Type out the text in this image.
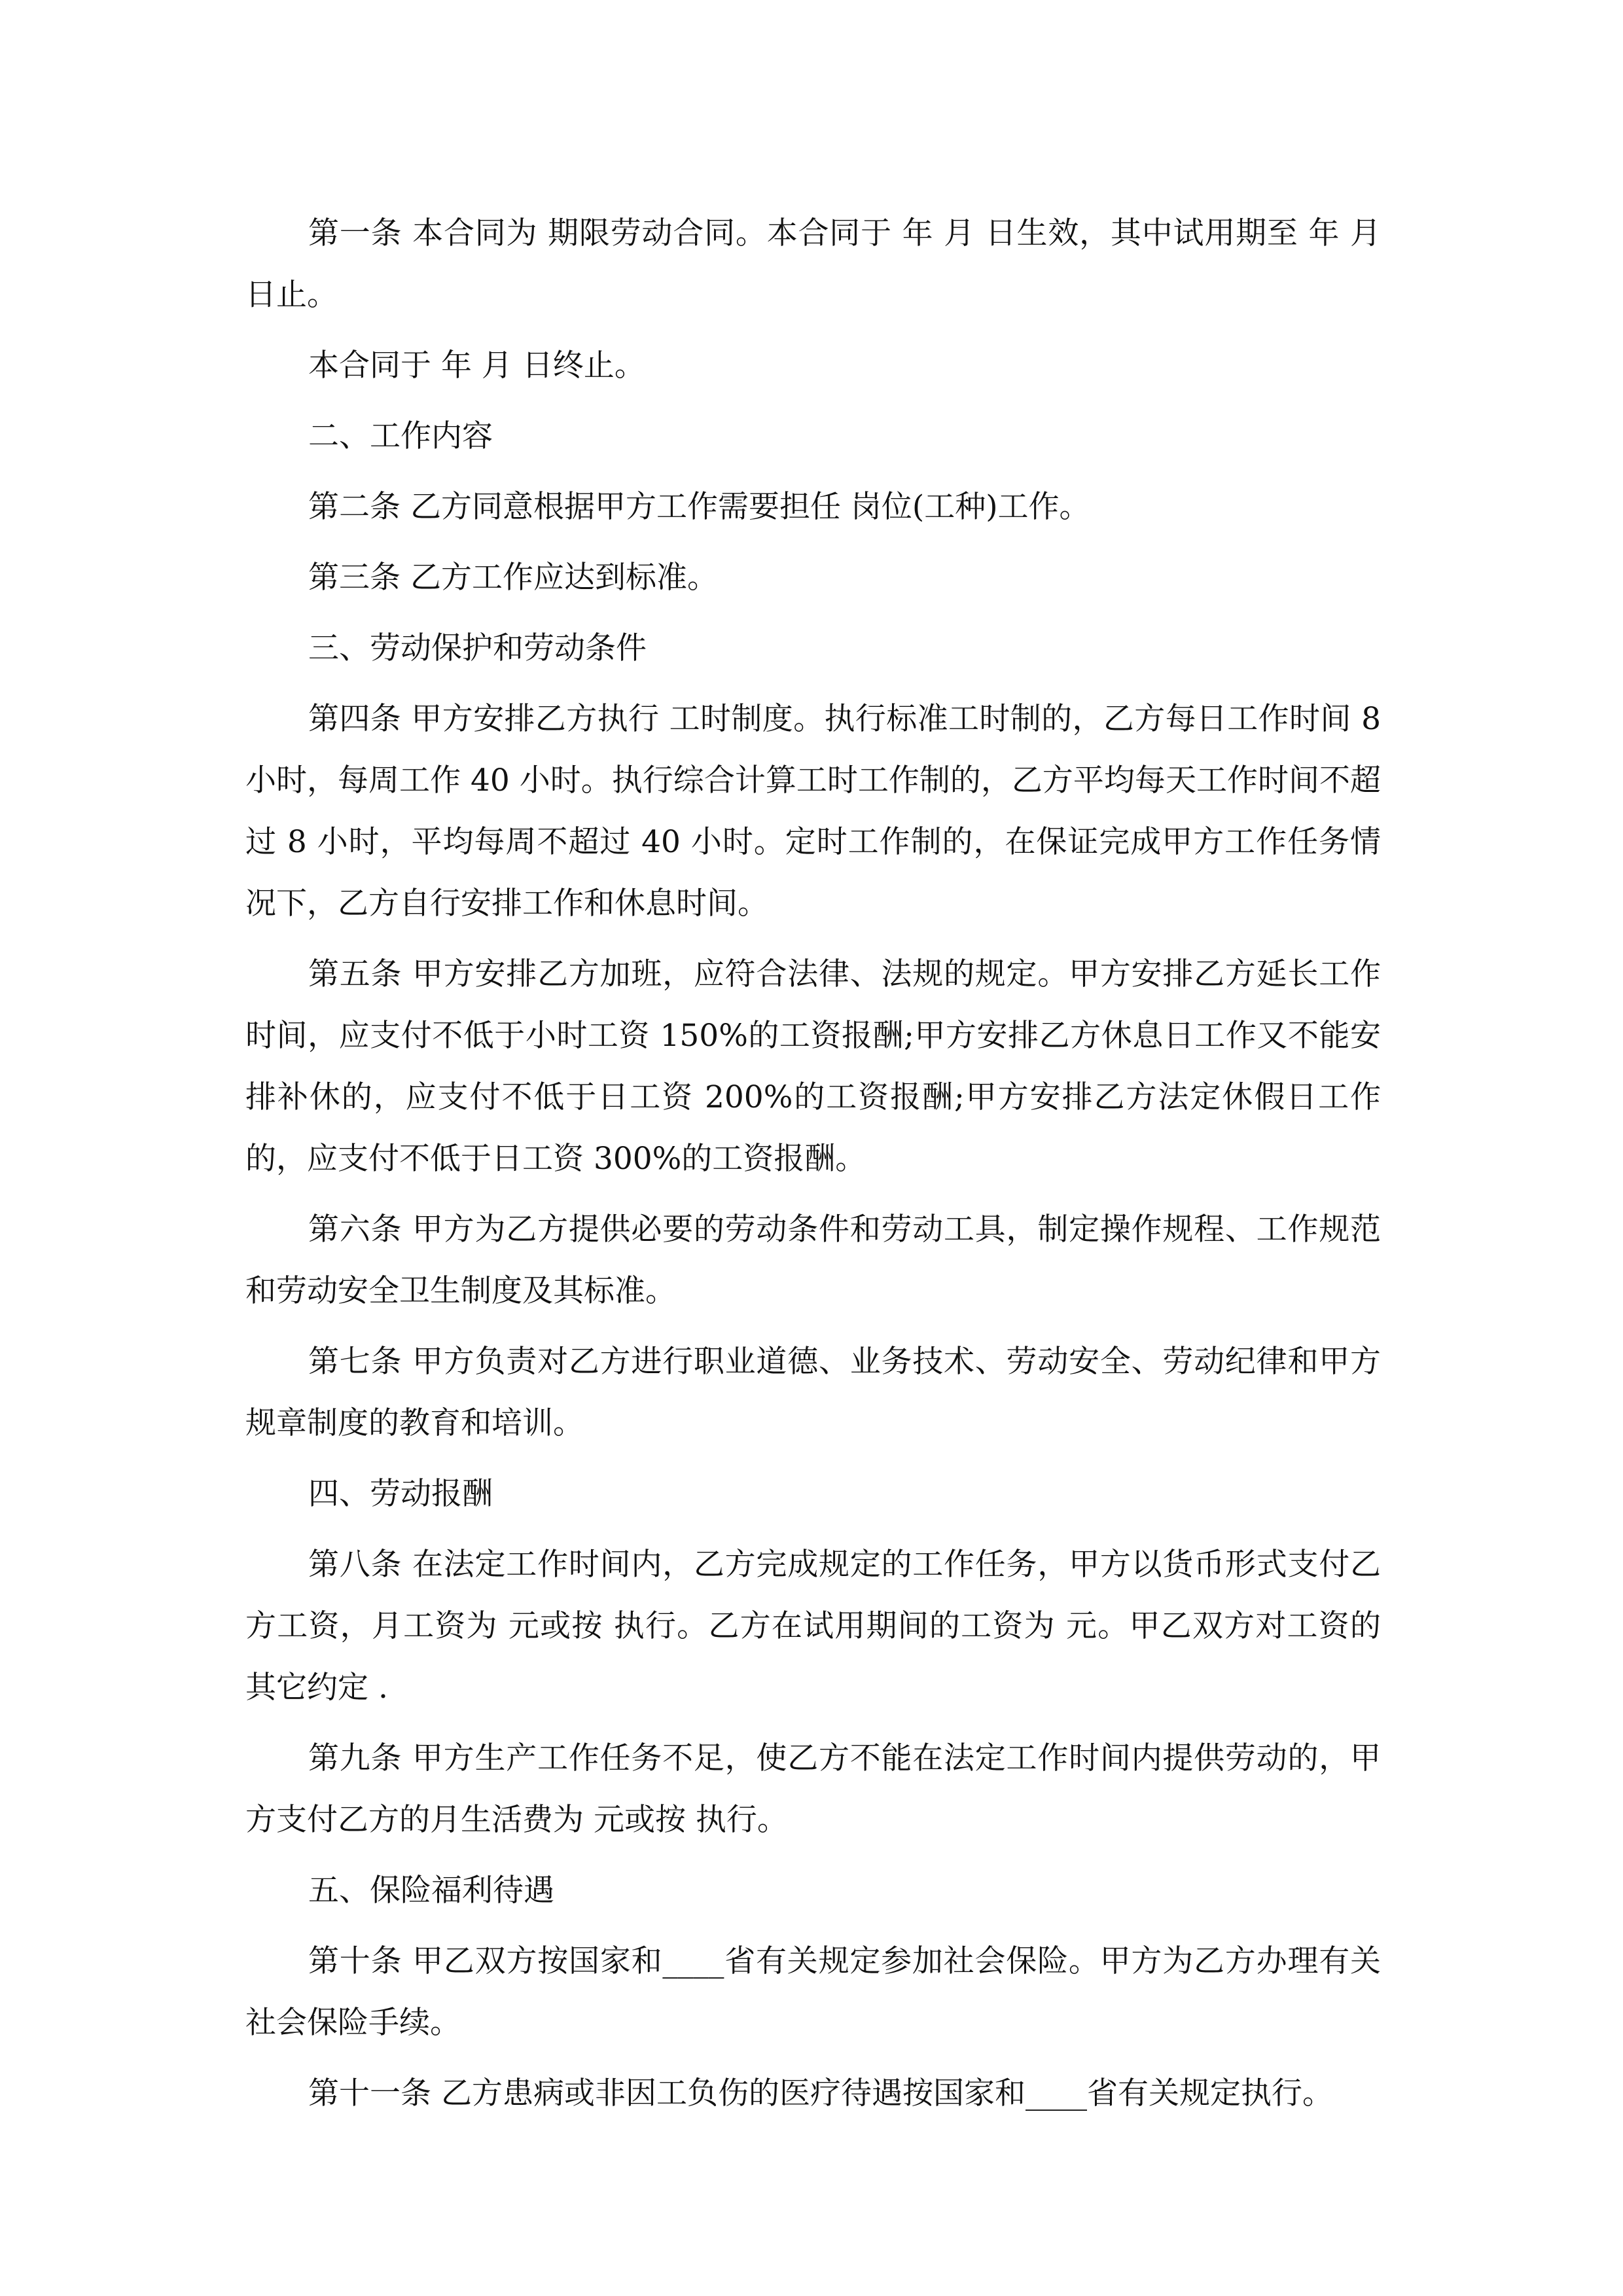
第一条 本合同为 期限劳动合同。本合同于 年 月 日生效，其中试用期至 年 月 日止。

本合同于 年 月 日终止。

二、工作内容

第二条 乙方同意根据甲方工作需要担任 岗位(工种)工作。

第三条 乙方工作应达到标准。

三、劳动保护和劳动条件

第四条 甲方安排乙方执行 工时制度。执行标准工时制的，乙方每日工作时间 8 小时，每周工作 40 小时。执行综合计算工时工作制的，乙方平均每天工作时间不超过 8 小时，平均每周不超过 40 小时。定时工作制的，在保证完成甲方工作任务情况下，乙方自行安排工作和休息时间。

第五条 甲方安排乙方加班，应符合法律、法规的规定。甲方安排乙方延长工作时间，应支付不低于小时工资 150%的工资报酬;甲方安排乙方休息日工作又不能安排补休的，应支付不低于日工资 200%的工资报酬;甲方安排乙方法定休假日工作的，应支付不低于日工资 300%的工资报酬。

第六条 甲方为乙方提供必要的劳动条件和劳动工具，制定操作规程、工作规范和劳动安全卫生制度及其标准。

第七条 甲方负责对乙方进行职业道德、业务技术、劳动安全、劳动纪律和甲方规章制度的教育和培训。

四、劳动报酬

第八条 在法定工作时间内，乙方完成规定的工作任务，甲方以货币形式支付乙方工资，月工资为 元或按 执行。乙方在试用期间的工资为 元。甲乙双方对工资的其它约定 .

第九条 甲方生产工作任务不足，使乙方不能在法定工作时间内提供劳动的，甲方支付乙方的月生活费为 元或按 执行。

五、保险福利待遇

第十条 甲乙双方按国家和____省有关规定参加社会保险。甲方为乙方办理有关社会保险手续。

第十一条 乙方患病或非因工负伤的医疗待遇按国家和____省有关规定执行。
